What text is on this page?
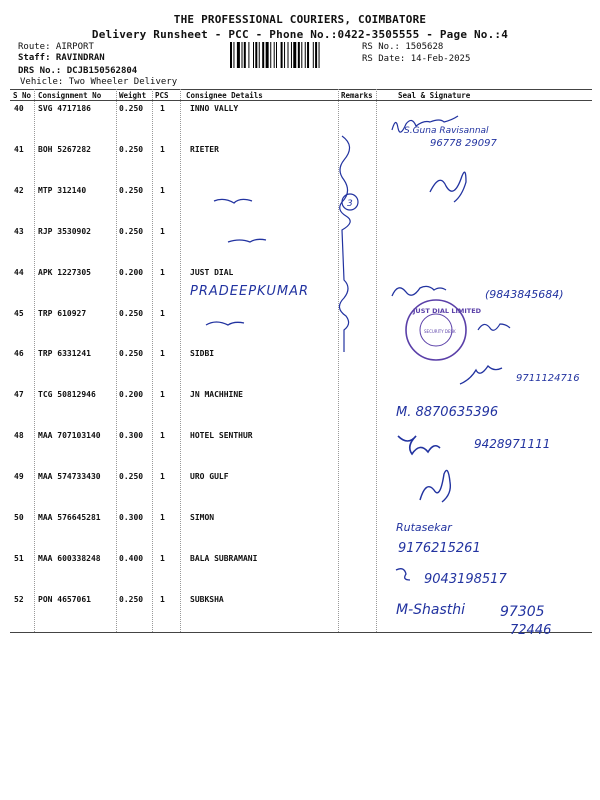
THE PROFESSIONAL COURIERS, COIMBATORE
Delivery Runsheet - PCC - Phone No.:0422-3505555 - Page No.:4
Route: AIRPORT
Staff: RAVINDRAN
DRS No.: DCJB150562804
Vehicle: Two Wheeler Delivery
RS No.: 1505628
RS Date: 14-Feb-2025
S No Consignment No Weight PCS Consignee Details	Remarks	Seal & Signature
40 SVG 4717186	0.250 1	INNO VALLY
41 BOH 5267282	0.250 1	RIETER
42 MTP 312140	0.250 1
43 RJP 3530902	0.250 1
44 APK 1227305	0.200 1	JUST DIAL
45 TRP 610927	0.250 1
46 TRP 6331241	0.250 1	SIDBI
47 TCG 50812946	0.200 1	JN MACHHINE
48 MAA 707103140 0.300 1	HOTEL SENTHUR
49 MAA 574733430 0.250 1	URO GULF
50 MAA 576645281 0.300 1	SIMON
51 MAA 600338248 0.400 1	BALA SUBRAMANI
52 PON 4657061	0.250 1	SUBKSHA
S.Guna Ravisannal
96778 29097
3
PRADEEPKUMAR	(9843845684)
JUST DIAL LIMITED
SECURITY DESK
9711124716
M. 8870635396
9428971111
Rutasekar
9176215261
9043198517
M-Shasthi 97305
72446
